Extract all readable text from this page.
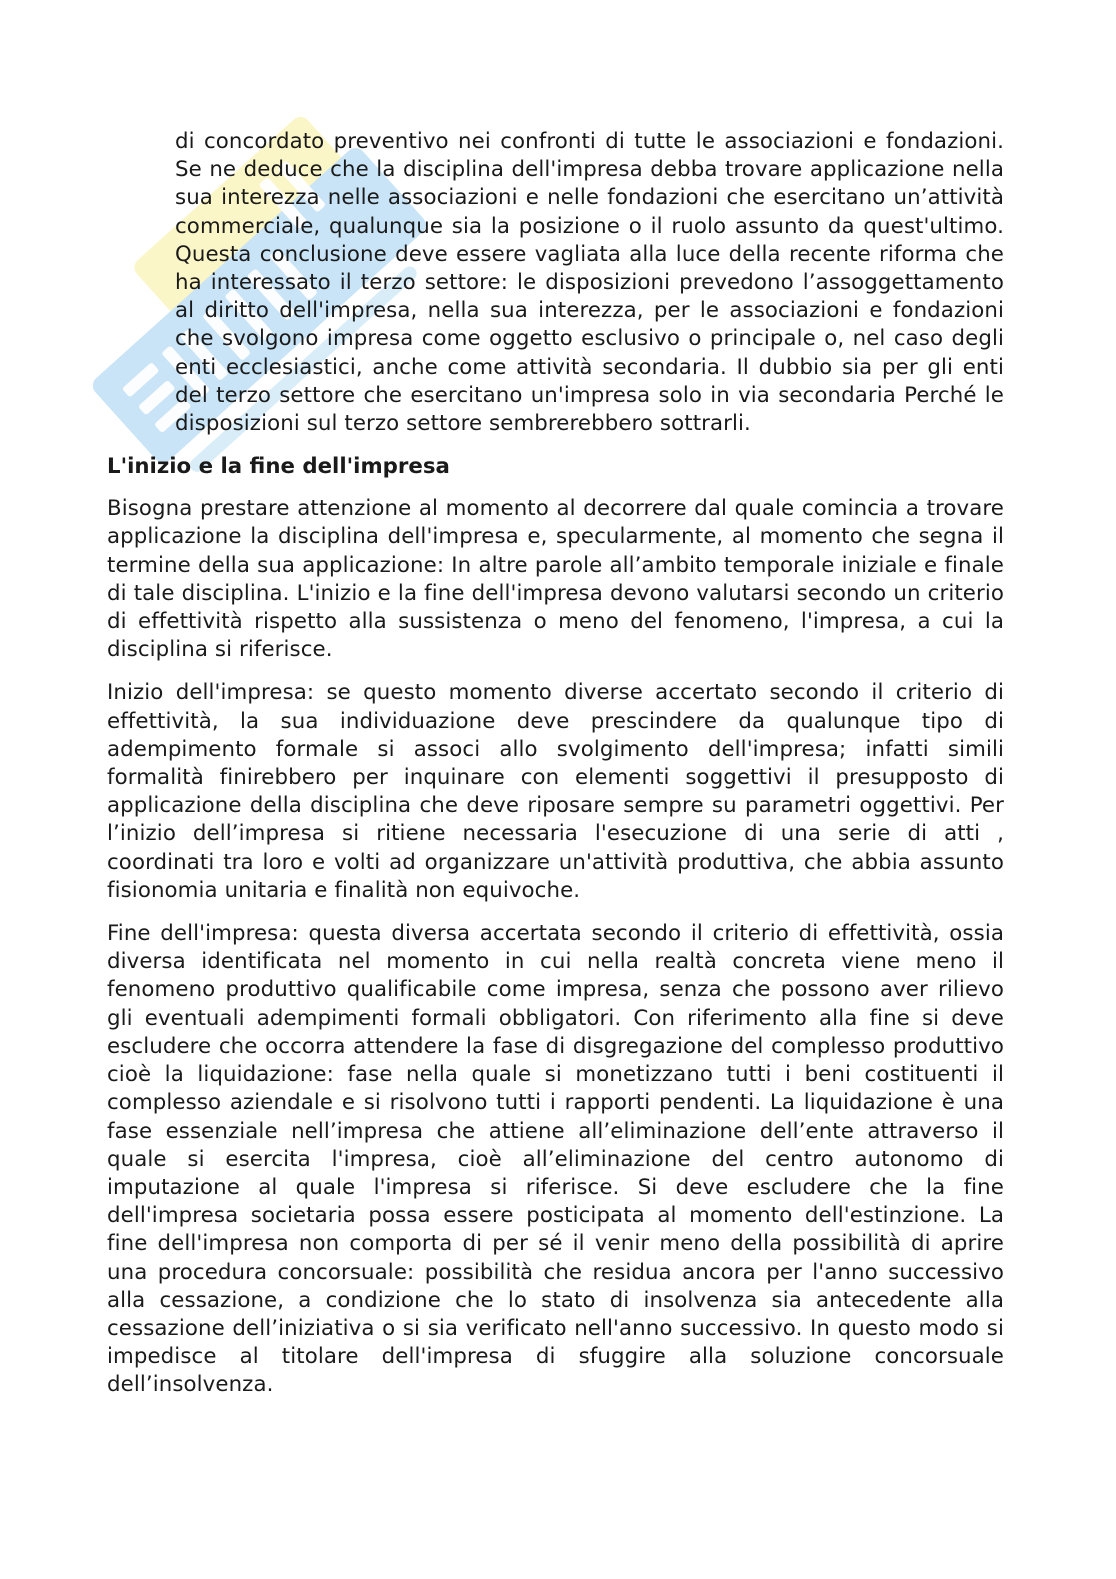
di concordato preventivo nei confronti di tutte le associazioni e fondazioni. Se ne deduce che la disciplina dell'impresa debba trovare applicazione nella sua interezza nelle associazioni e nelle fondazioni che esercitano un’attività commerciale, qualunque sia la posizione o il ruolo assunto da quest'ultimo. Questa conclusione deve essere vagliata alla luce della recente riforma che ha interessato il terzo settore: le disposizioni prevedono l’assoggettamento al diritto dell'impresa, nella sua interezza, per le associazioni e fondazioni che svolgono impresa come oggetto esclusivo o principale o, nel caso degli enti ecclesiastici, anche come attività secondaria. Il dubbio sia per gli enti del terzo settore che esercitano un'impresa solo in via secondaria Perché le disposizioni sul terzo settore sembrerebbero sottrarli.

L'inizio e la fine dell'impresa

Bisogna prestare attenzione al momento al decorrere dal quale comincia a trovare applicazione la disciplina dell'impresa e, specularmente, al momento che segna il termine della sua applicazione: In altre parole all’ambito temporale iniziale e finale di tale disciplina. L'inizio e la fine dell'impresa devono valutarsi secondo un criterio di effettività rispetto alla sussistenza o meno del fenomeno, l'impresa, a cui la disciplina si riferisce.

Inizio dell'impresa: se questo momento diverse accertato secondo il criterio di effettività, la sua individuazione deve prescindere da qualunque tipo di adempimento formale si associ allo svolgimento dell'impresa; infatti simili formalità finirebbero per inquinare con elementi soggettivi il presupposto di applicazione della disciplina che deve riposare sempre su parametri oggettivi. Per l’inizio dell’impresa si ritiene necessaria l'esecuzione di una serie di atti , coordinati tra loro e volti ad organizzare un'attività produttiva, che abbia assunto fisionomia unitaria e finalità non equivoche.

Fine dell'impresa: questa diversa accertata secondo il criterio di effettività, ossia diversa identificata nel momento in cui nella realtà concreta viene meno il fenomeno produttivo qualificabile come impresa, senza che possono aver rilievo gli eventuali adempimenti formali obbligatori. Con riferimento alla fine si deve escludere che occorra attendere la fase di disgregazione del complesso produttivo cioè la liquidazione: fase nella quale si monetizzano tutti i beni costituenti il complesso aziendale e si risolvono tutti i rapporti pendenti. La liquidazione è una fase essenziale nell’impresa che attiene all’eliminazione dell’ente attraverso il quale si esercita l'impresa, cioè all’eliminazione del centro autonomo di imputazione al quale l'impresa si riferisce. Si deve escludere che la fine dell'impresa societaria possa essere posticipata al momento dell'estinzione. La fine dell'impresa non comporta di per sé il venir meno della possibilità di aprire una procedura concorsuale: possibilità che residua ancora per l'anno successivo alla cessazione, a condizione che lo stato di insolvenza sia antecedente alla cessazione dell’iniziativa o si sia verificato nell'anno successivo. In questo modo si impedisce al titolare dell'impresa di sfuggire alla soluzione concorsuale dell’insolvenza.
